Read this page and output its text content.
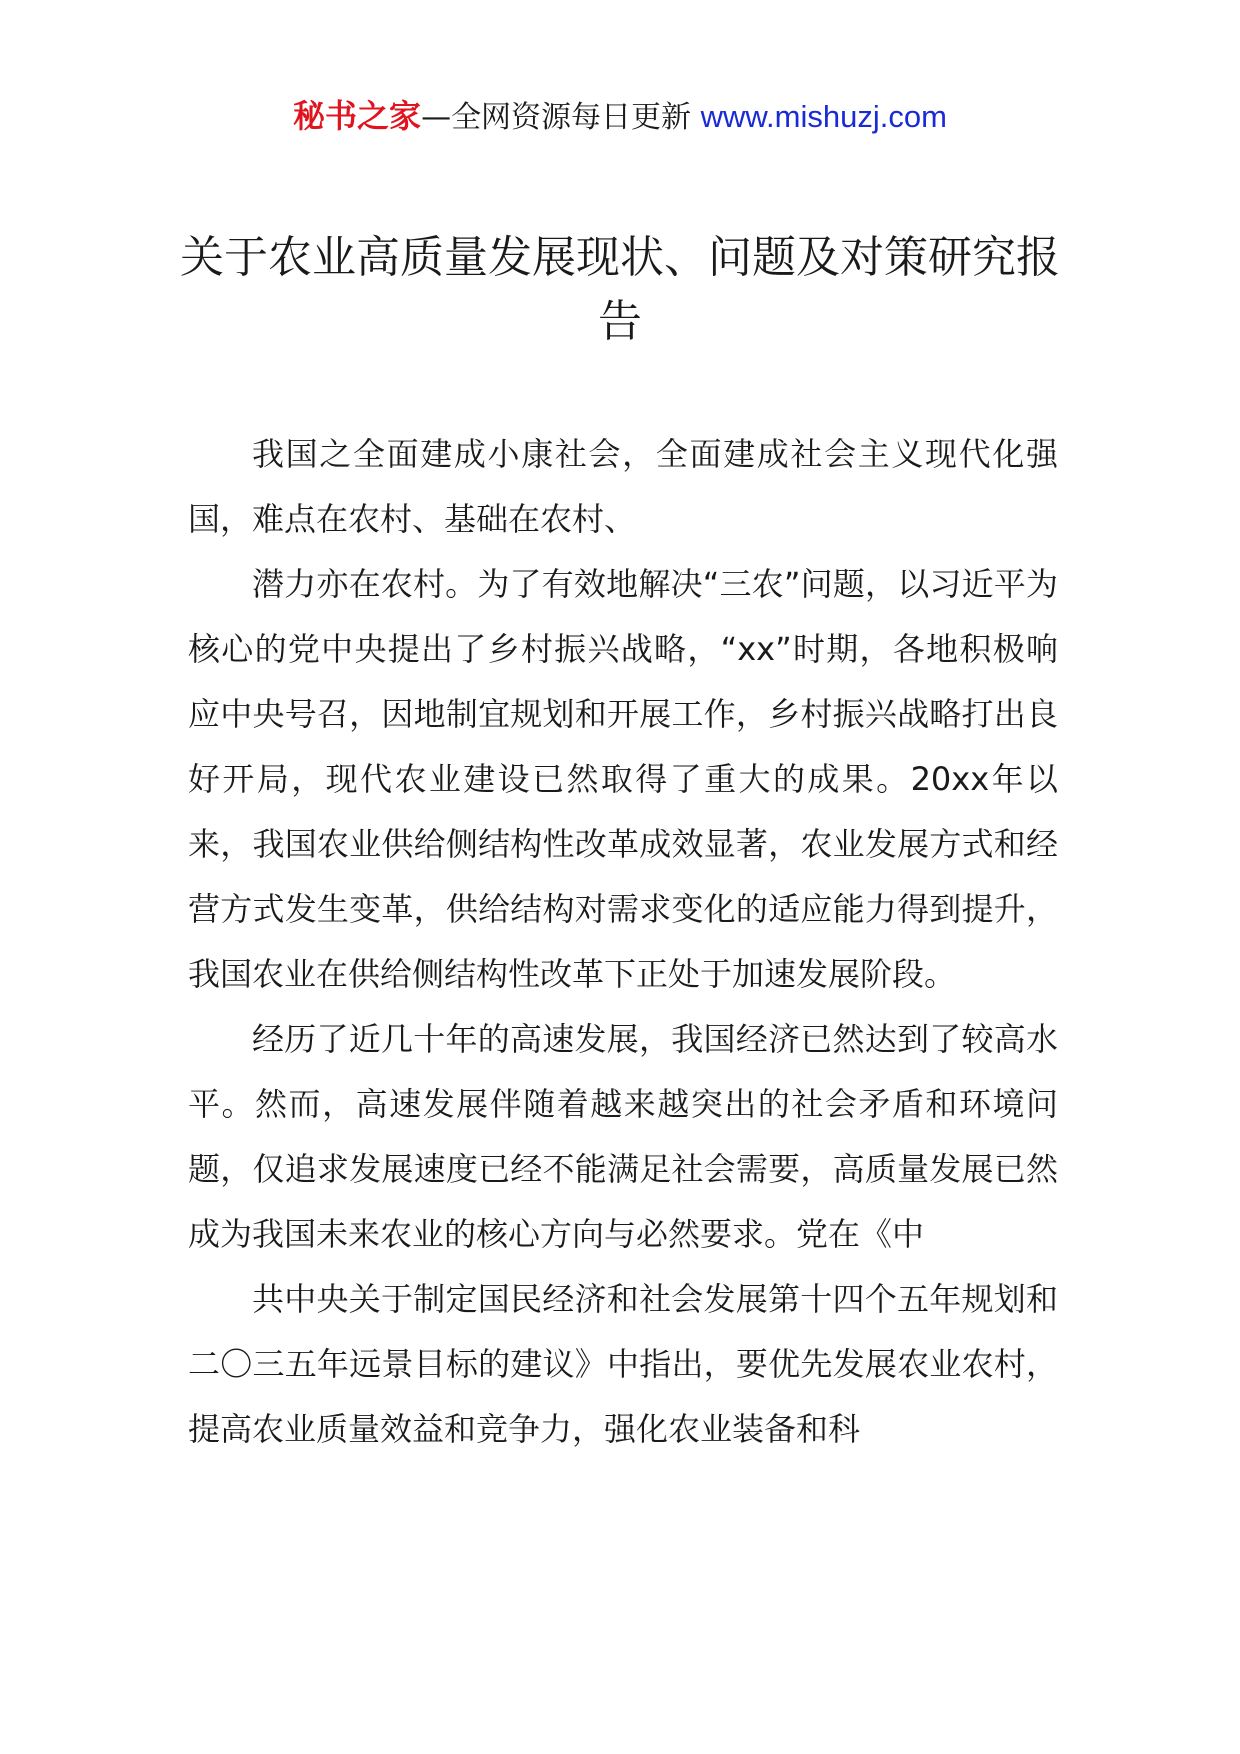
秘书之家—全网资源每日更新 www.mishuzj.com
关于农业高质量发展现状、问题及对策研究报告

我国之全面建成小康社会，全面建成社会主义现代化强国，难点在农村、基础在农村、

潜力亦在农村。为了有效地解决“三农”问题，以习近平为核心的党中央提出了乡村振兴战略，“xx”时期，各地积极响应中央号召，因地制宜规划和开展工作，乡村振兴战略打出良好开局，现代农业建设已然取得了重大的成果。20xx年以来，我国农业供给侧结构性改革成效显著，农业发展方式和经营方式发生变革，供给结构对需求变化的适应能力得到提升，我国农业在供给侧结构性改革下正处于加速发展阶段。

经历了近几十年的高速发展，我国经济已然达到了较高水平。然而，高速发展伴随着越来越突出的社会矛盾和环境问题，仅追求发展速度已经不能满足社会需要，高质量发展已然成为我国未来农业的核心方向与必然要求。党在《中

共中央关于制定国民经济和社会发展第十四个五年规划和二〇三五年远景目标的建议》中指出，要优先发展农业农村，提高农业质量效益和竞争力，强化农业装备和科
